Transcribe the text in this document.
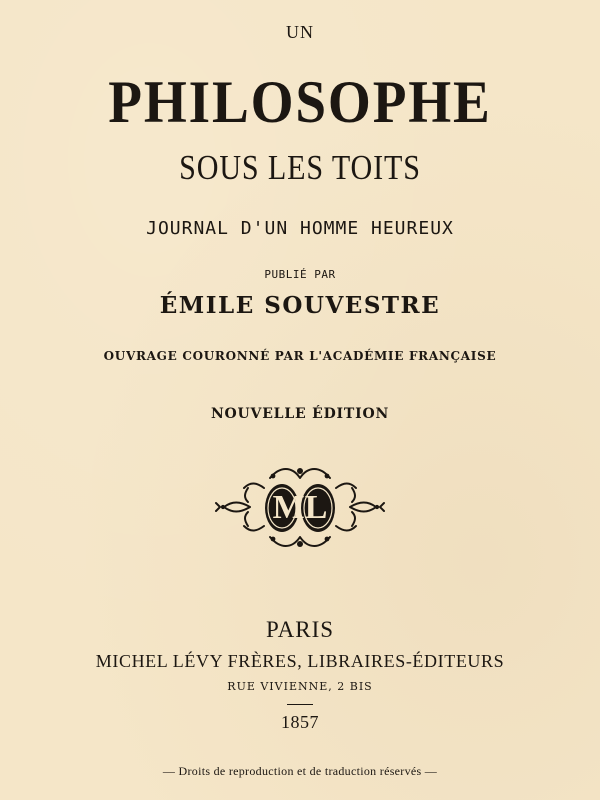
UN
PHILOSOPHE
SOUS LES TOITS
JOURNAL D'UN HOMME HEUREUX
PUBLIÉ PAR
ÉMILE SOUVESTRE
OUVRAGE COURONNÉ PAR L'ACADÉMIE FRANÇAISE
NOUVELLE ÉDITION
ML
PARIS
MICHEL LÉVY FRÈRES, LIBRAIRES-ÉDITEURS
RUE VIVIENNE, 2 BIS
1857
— Droits de reproduction et de traduction réservés —
